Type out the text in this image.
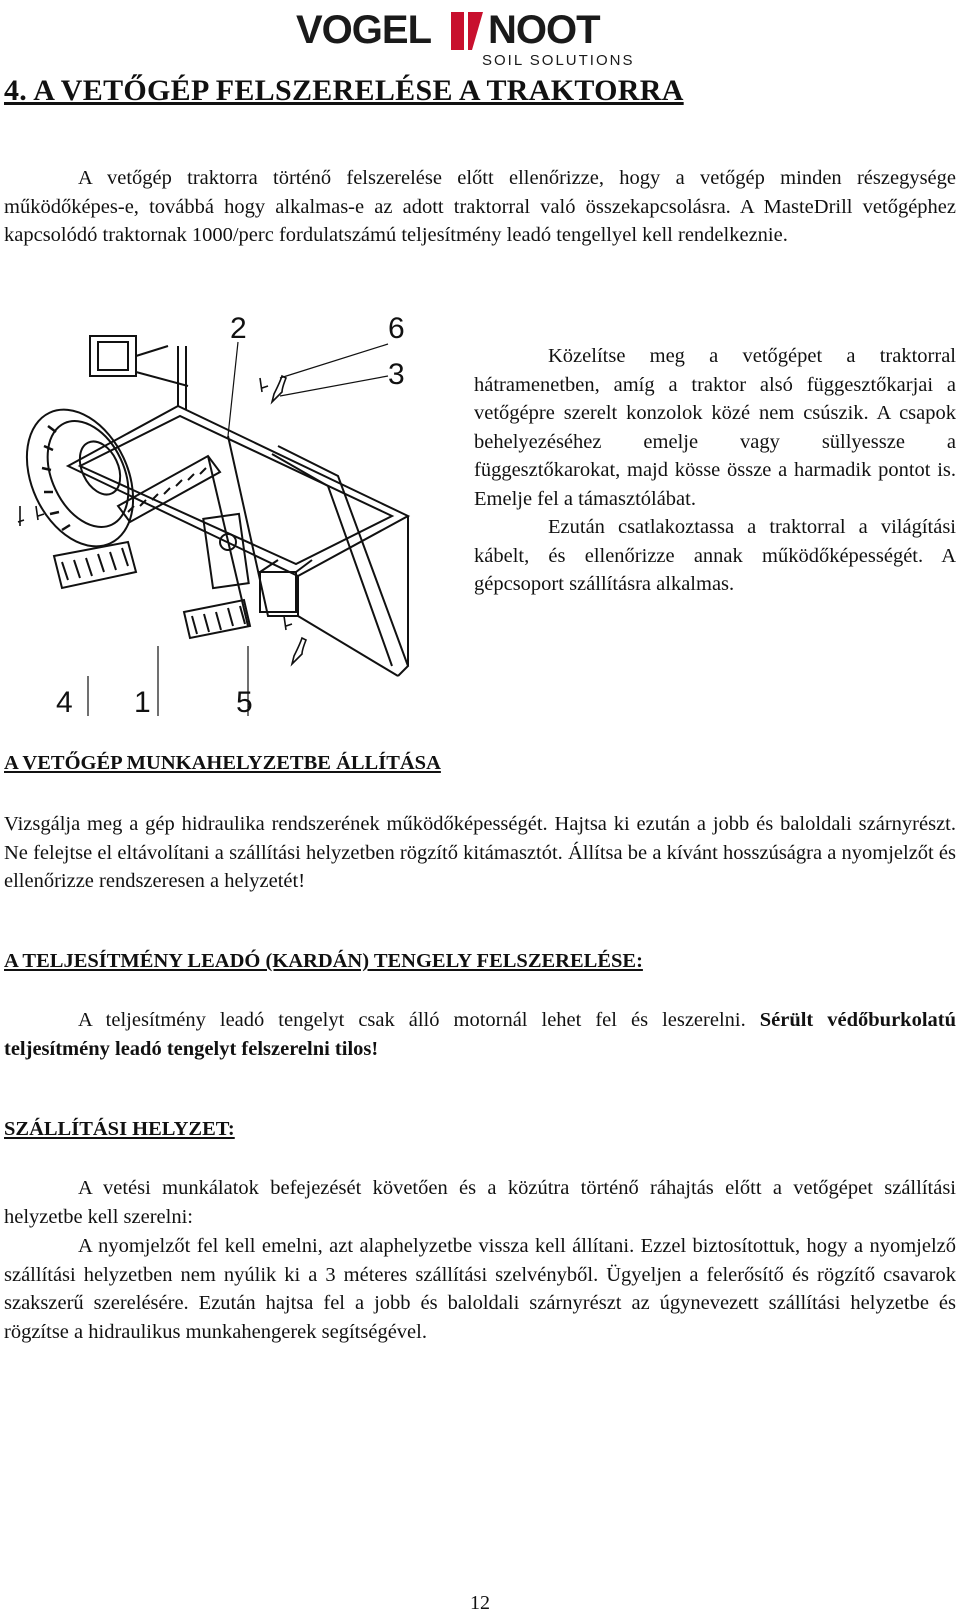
VOGEL NOOT
SOIL SOLUTIONS
4. A VETŐGÉP FELSZERELÉSE A TRAKTORRA

A vetőgép traktorra történő felszerelése előtt ellenőrizze, hogy a vetőgép minden részegysége működőképes-e, továbbá hogy alkalmas-e az adott traktorral való összekapcsolásra. A MasteDrill vetőgéphez kapcsolódó traktornak 1000/perc fordulatszámú teljesítmény leadó tengellyel kell rendelkeznie.

2	6
3
4 1	5

Közelítse meg a vetőgépet a traktorral hátramenetben, amíg a traktor alsó függesztőkarjai a vetőgépre szerelt konzolok közé nem csúszik. A csapok behelyezéséhez emelje vagy süllyessze a függesztőkarokat, majd kösse össze a harmadik pontot is. Emelje fel a támasztólábat.

Ezután csatlakoztassa a traktorral a világítási kábelt, és ellenőrizze annak működőképességét. A gépcsoport szállításra alkalmas.

A VETŐGÉP MUNKAHELYZETBE ÁLLÍTÁSA

Vizsgálja meg a gép hidraulika rendszerének működőképességét. Hajtsa ki ezután a jobb és baloldali szárnyrészt. Ne felejtse el eltávolítani a szállítási helyzetben rögzítő kitámasztót. Állítsa be a kívánt hosszúságra a nyomjelzőt és ellenőrizze rendszeresen a helyzetét!

A TELJESÍTMÉNY LEADÓ (KARDÁN) TENGELY FELSZERELÉSE:

A teljesítmény leadó tengelyt csak álló motornál lehet fel és leszerelni. Sérült védőburkolatú teljesítmény leadó tengelyt felszerelni tilos!

SZÁLLÍTÁSI HELYZET:

A vetési munkálatok befejezését követően és a közútra történő ráhajtás előtt a vetőgépet szállítási helyzetbe kell szerelni:

A nyomjelzőt fel kell emelni, azt alaphelyzetbe vissza kell állítani. Ezzel biztosítottuk, hogy a nyomjelző szállítási helyzetben nem nyúlik ki a 3 méteres szállítási szelvényből. Ügyeljen a felerősítő és rögzítő csavarok szakszerű szerelésére. Ezután hajtsa fel a jobb és baloldali szárnyrészt az úgynevezett szállítási helyzetbe és rögzítse a hidraulikus munkahengerek segítségével.

12
